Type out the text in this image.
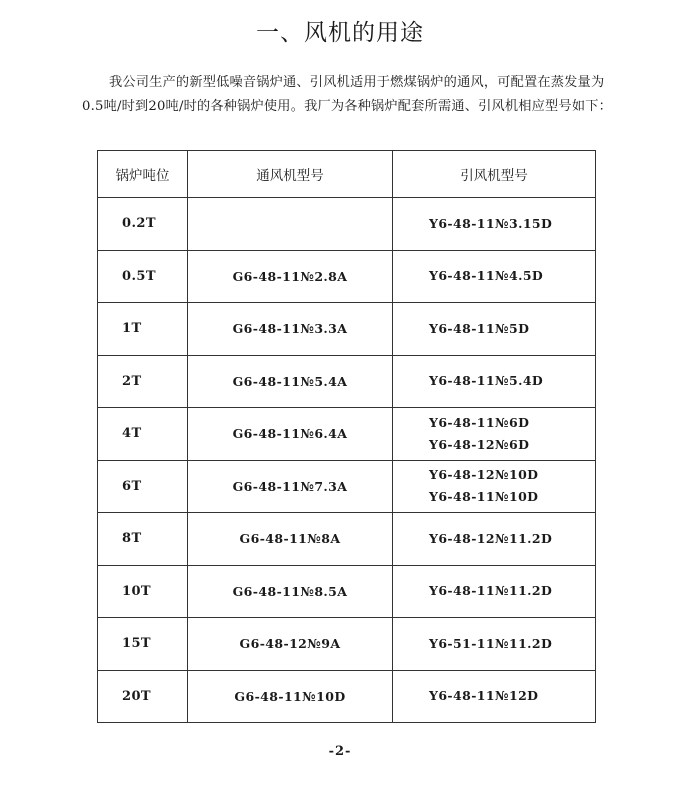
一、风机的用途

我公司生产的新型低噪音锅炉通、引风机适用于燃煤锅炉的通风，可配置在蒸发量为0.5吨/时到20吨/时的各种锅炉使用。我厂为各种锅炉配套所需通、引风机相应型号如下：

锅炉吨位	通风机型号	引风机型号
0.2T		Y6-48-11№3.15D

0.5T	G6-48-11№2.8A	Y6-48-11№4.5D

1T	G6-48-11№3.3A	Y6-48-11№5D

2T	G6-48-11№5.4A	Y6-48-11№5.4D

4T	G6-48-11№6.4A	Y6-48-11№6D
Y6-48-12№6D

6T	G6-48-11№7.3A	Y6-48-12№10D
Y6-48-11№10D

8T	G6-48-11№8A	Y6-48-12№11.2D

10T	G6-48-11№8.5A	Y6-48-11№11.2D

15T	G6-48-12№9A	Y6-51-11№11.2D

20T	G6-48-11№10D	Y6-48-11№12D
-2-
